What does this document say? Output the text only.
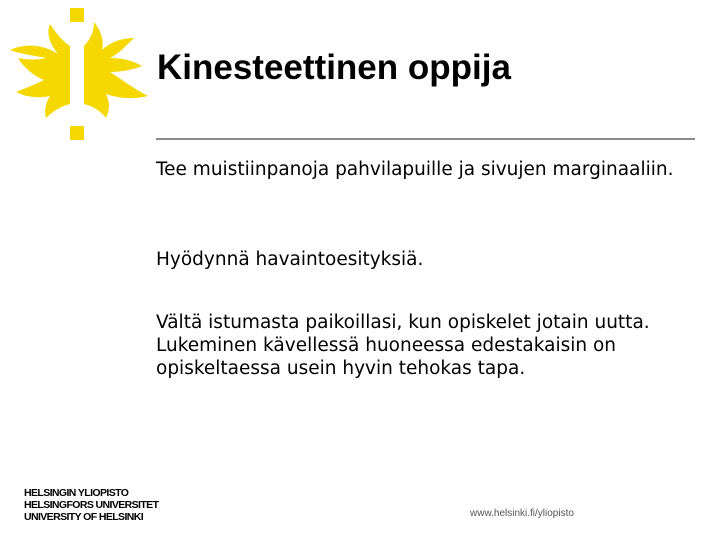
Kinesteettinen oppija

Tee muistiinpanoja pahvilapuille ja sivujen marginaaliin.

Hyödynnä havaintoesityksiä.

Vältä istumasta paikoillasi, kun opiskelet jotain uutta. Lukeminen kävellessä huoneessa edestakaisin on opiskeltaessa usein hyvin tehokas tapa.

HELSINGIN YLIOPISTO
HELSINGFORS UNIVERSITET
UNIVERSITY OF HELSINKI	www.helsinki.fi/yliopisto
